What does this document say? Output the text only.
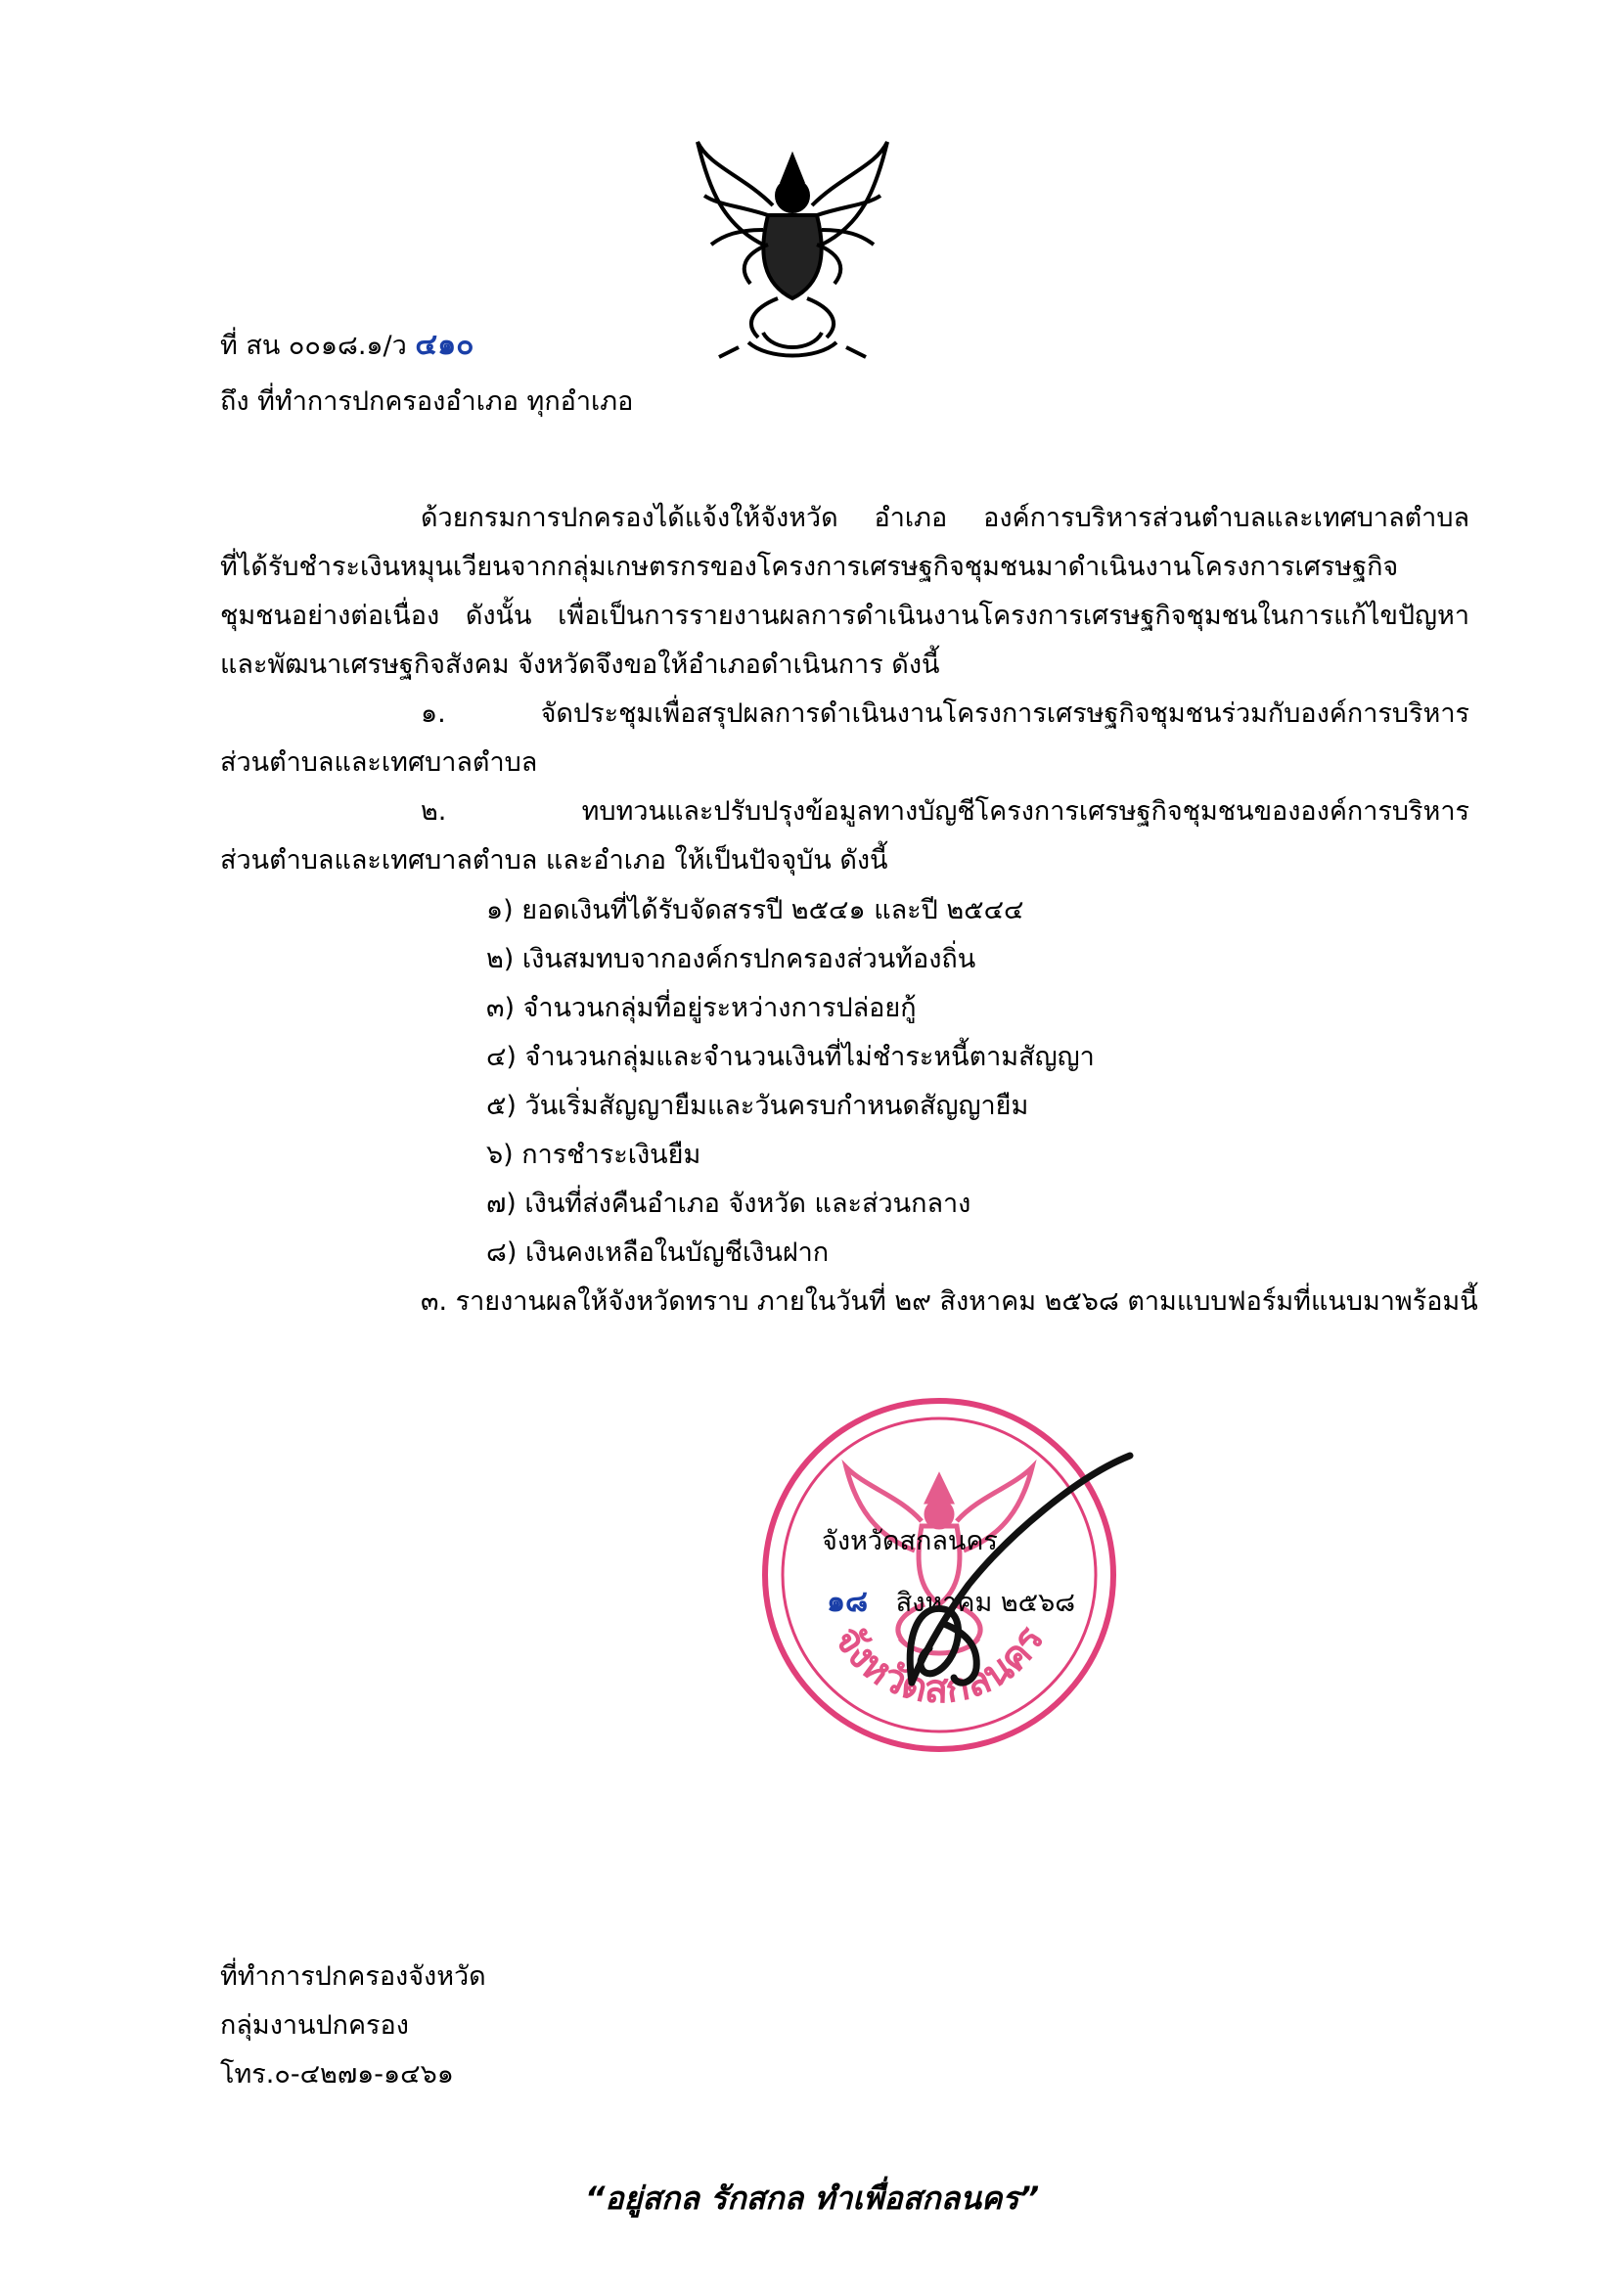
ที่ สน ๐๐๑๘.๑/ว ๔๑๐
ถึง ที่ทำการปกครองอำเภอ ทุกอำเภอ
ด้วยกรมการปกครองได้แจ้งให้จังหวัด อำเภอ องค์การบริหารส่วนตำบลและเทศบาลตำบล
ที่ได้รับชำระเงินหมุนเวียนจากกลุ่มเกษตรกรของโครงการเศรษฐกิจชุมชนมาดำเนินงานโครงการเศรษฐกิจ
ชุมชนอย่างต่อเนื่อง ดังนั้น เพื่อเป็นการรายงานผลการดำเนินงานโครงการเศรษฐกิจชุมชนในการแก้ไขปัญหา
และพัฒนาเศรษฐกิจสังคม จังหวัดจึงขอให้อำเภอดำเนินการ ดังนี้
๑. จัดประชุมเพื่อสรุปผลการดำเนินงานโครงการเศรษฐกิจชุมชนร่วมกับองค์การบริหาร
ส่วนตำบลและเทศบาลตำบล
๒. ทบทวนและปรับปรุงข้อมูลทางบัญชีโครงการเศรษฐกิจชุมชนขององค์การบริหาร
ส่วนตำบลและเทศบาลตำบล และอำเภอ ให้เป็นปัจจุบัน ดังนี้
๑) ยอดเงินที่ได้รับจัดสรรปี ๒๕๔๑ และปี ๒๕๔๔
๒) เงินสมทบจากองค์กรปกครองส่วนท้องถิ่น
๓) จำนวนกลุ่มที่อยู่ระหว่างการปล่อยกู้
๔) จำนวนกลุ่มและจำนวนเงินที่ไม่ชำระหนี้ตามสัญญา
๕) วันเริ่มสัญญายืมและวันครบกำหนดสัญญายืม
๖) การชำระเงินยืม
๗) เงินที่ส่งคืนอำเภอ จังหวัด และส่วนกลาง
๘) เงินคงเหลือในบัญชีเงินฝาก
๓. รายงานผลให้จังหวัดทราบ ภายในวันที่ ๒๙ สิงหาคม ๒๕๖๘ ตามแบบฟอร์มที่แนบมาพร้อมนี้
จังหวัดสกลนคร
จังหวัดสกลนคร
๑๘ สิงหาคม ๒๕๖๘
ที่ทำการปกครองจังหวัด
กลุ่มงานปกครอง
โทร.๐-๔๒๗๑-๑๔๖๑
“อยู่สกล รักสกล ทำเพื่อสกลนคร”
